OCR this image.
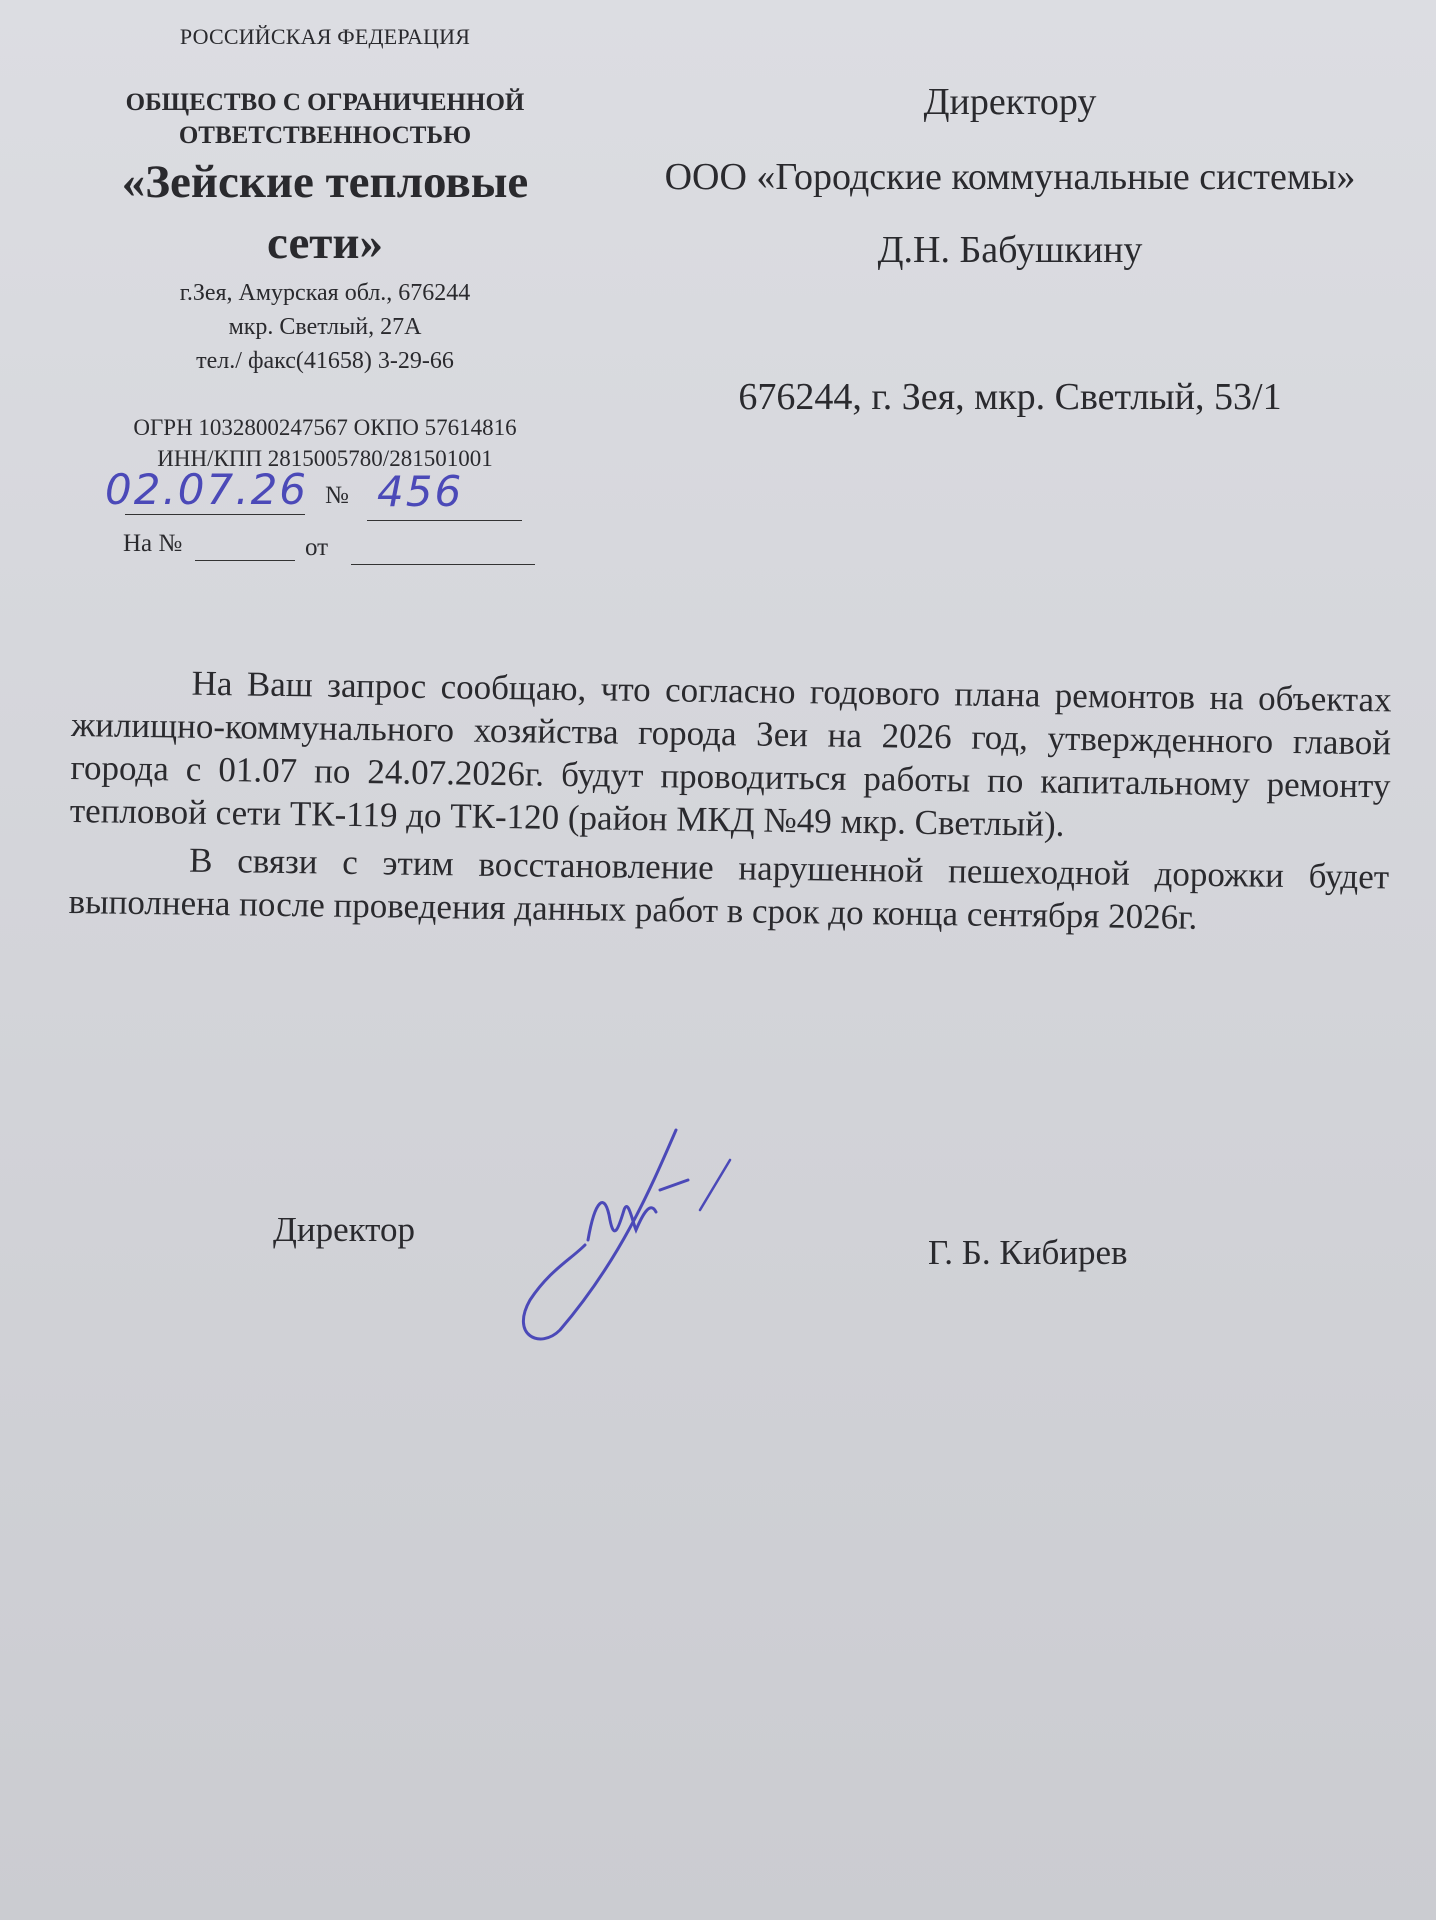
РОССИЙСКАЯ ФЕДЕРАЦИЯ
ОБЩЕСТВО С ОГРАНИЧЕННОЙ
ОТВЕТСТВЕННОСТЬЮ
«Зейские тепловые
сети»
г.Зея, Амурская обл., 676244
мкр. Светлый, 27А
тел./ факс(41658) 3-29-66
ОГРН 1032800247567 ОКПО 57614816
ИНН/КПП 2815005780/281501001
02.07.26 № 456
На №	от
Директору
ООО «Городские коммунальные системы»
Д.Н. Бабушкину
676244, г. Зея, мкр. Светлый, 53/1

На Ваш запрос сообщаю, что согласно годового плана ремонтов на объектах жилищно-коммунального хозяйства города Зеи на 2026 год, утвержденного главой города с 01.07 по 24.07.2026г. будут проводиться работы по капитальному ремонту тепловой сети ТК-119 до ТК-120 (район МКД №49 мкр. Светлый).

В связи с этим восстановление нарушенной пешеходной дорожки будет выполнена после проведения данных работ в срок до конца сентября 2026г.

Директор
Г. Б. Кибирев
